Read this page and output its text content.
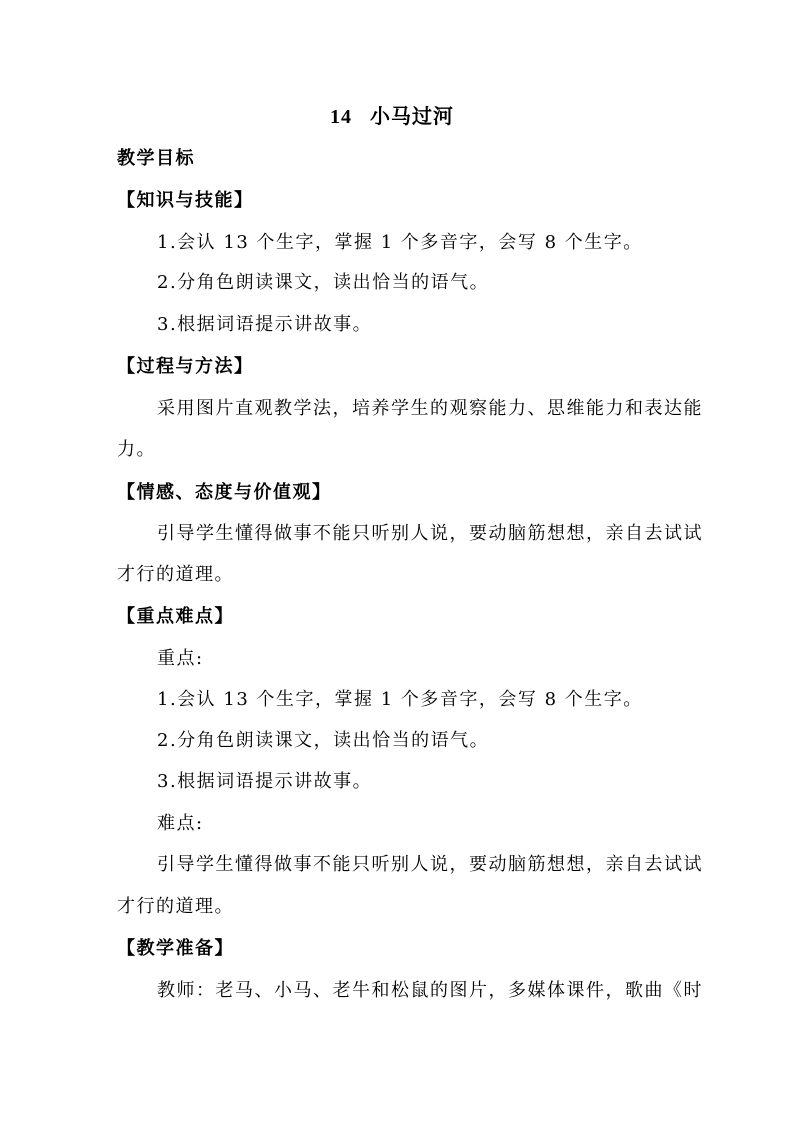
14 小马过河
教学目标
【知识与技能】
1.会认 13 个生字，掌握 1 个多音字，会写 8 个生字。
2.分角色朗读课文，读出恰当的语气。
3.根据词语提示讲故事。
【过程与方法】
采用图片直观教学法，培养学生的观察能力、思维能力和表达能
力。
【情感、态度与价值观】
引导学生懂得做事不能只听别人说，要动脑筋想想，亲自去试试
才行的道理。
【重点难点】
重点:
1.会认 13 个生字，掌握 1 个多音字，会写 8 个生字。
2.分角色朗读课文，读出恰当的语气。
3.根据词语提示讲故事。
难点:
引导学生懂得做事不能只听别人说，要动脑筋想想，亲自去试试
才行的道理。
【教学准备】
教师：老马、小马、老牛和松鼠的图片，多媒体课件，歌曲《时
